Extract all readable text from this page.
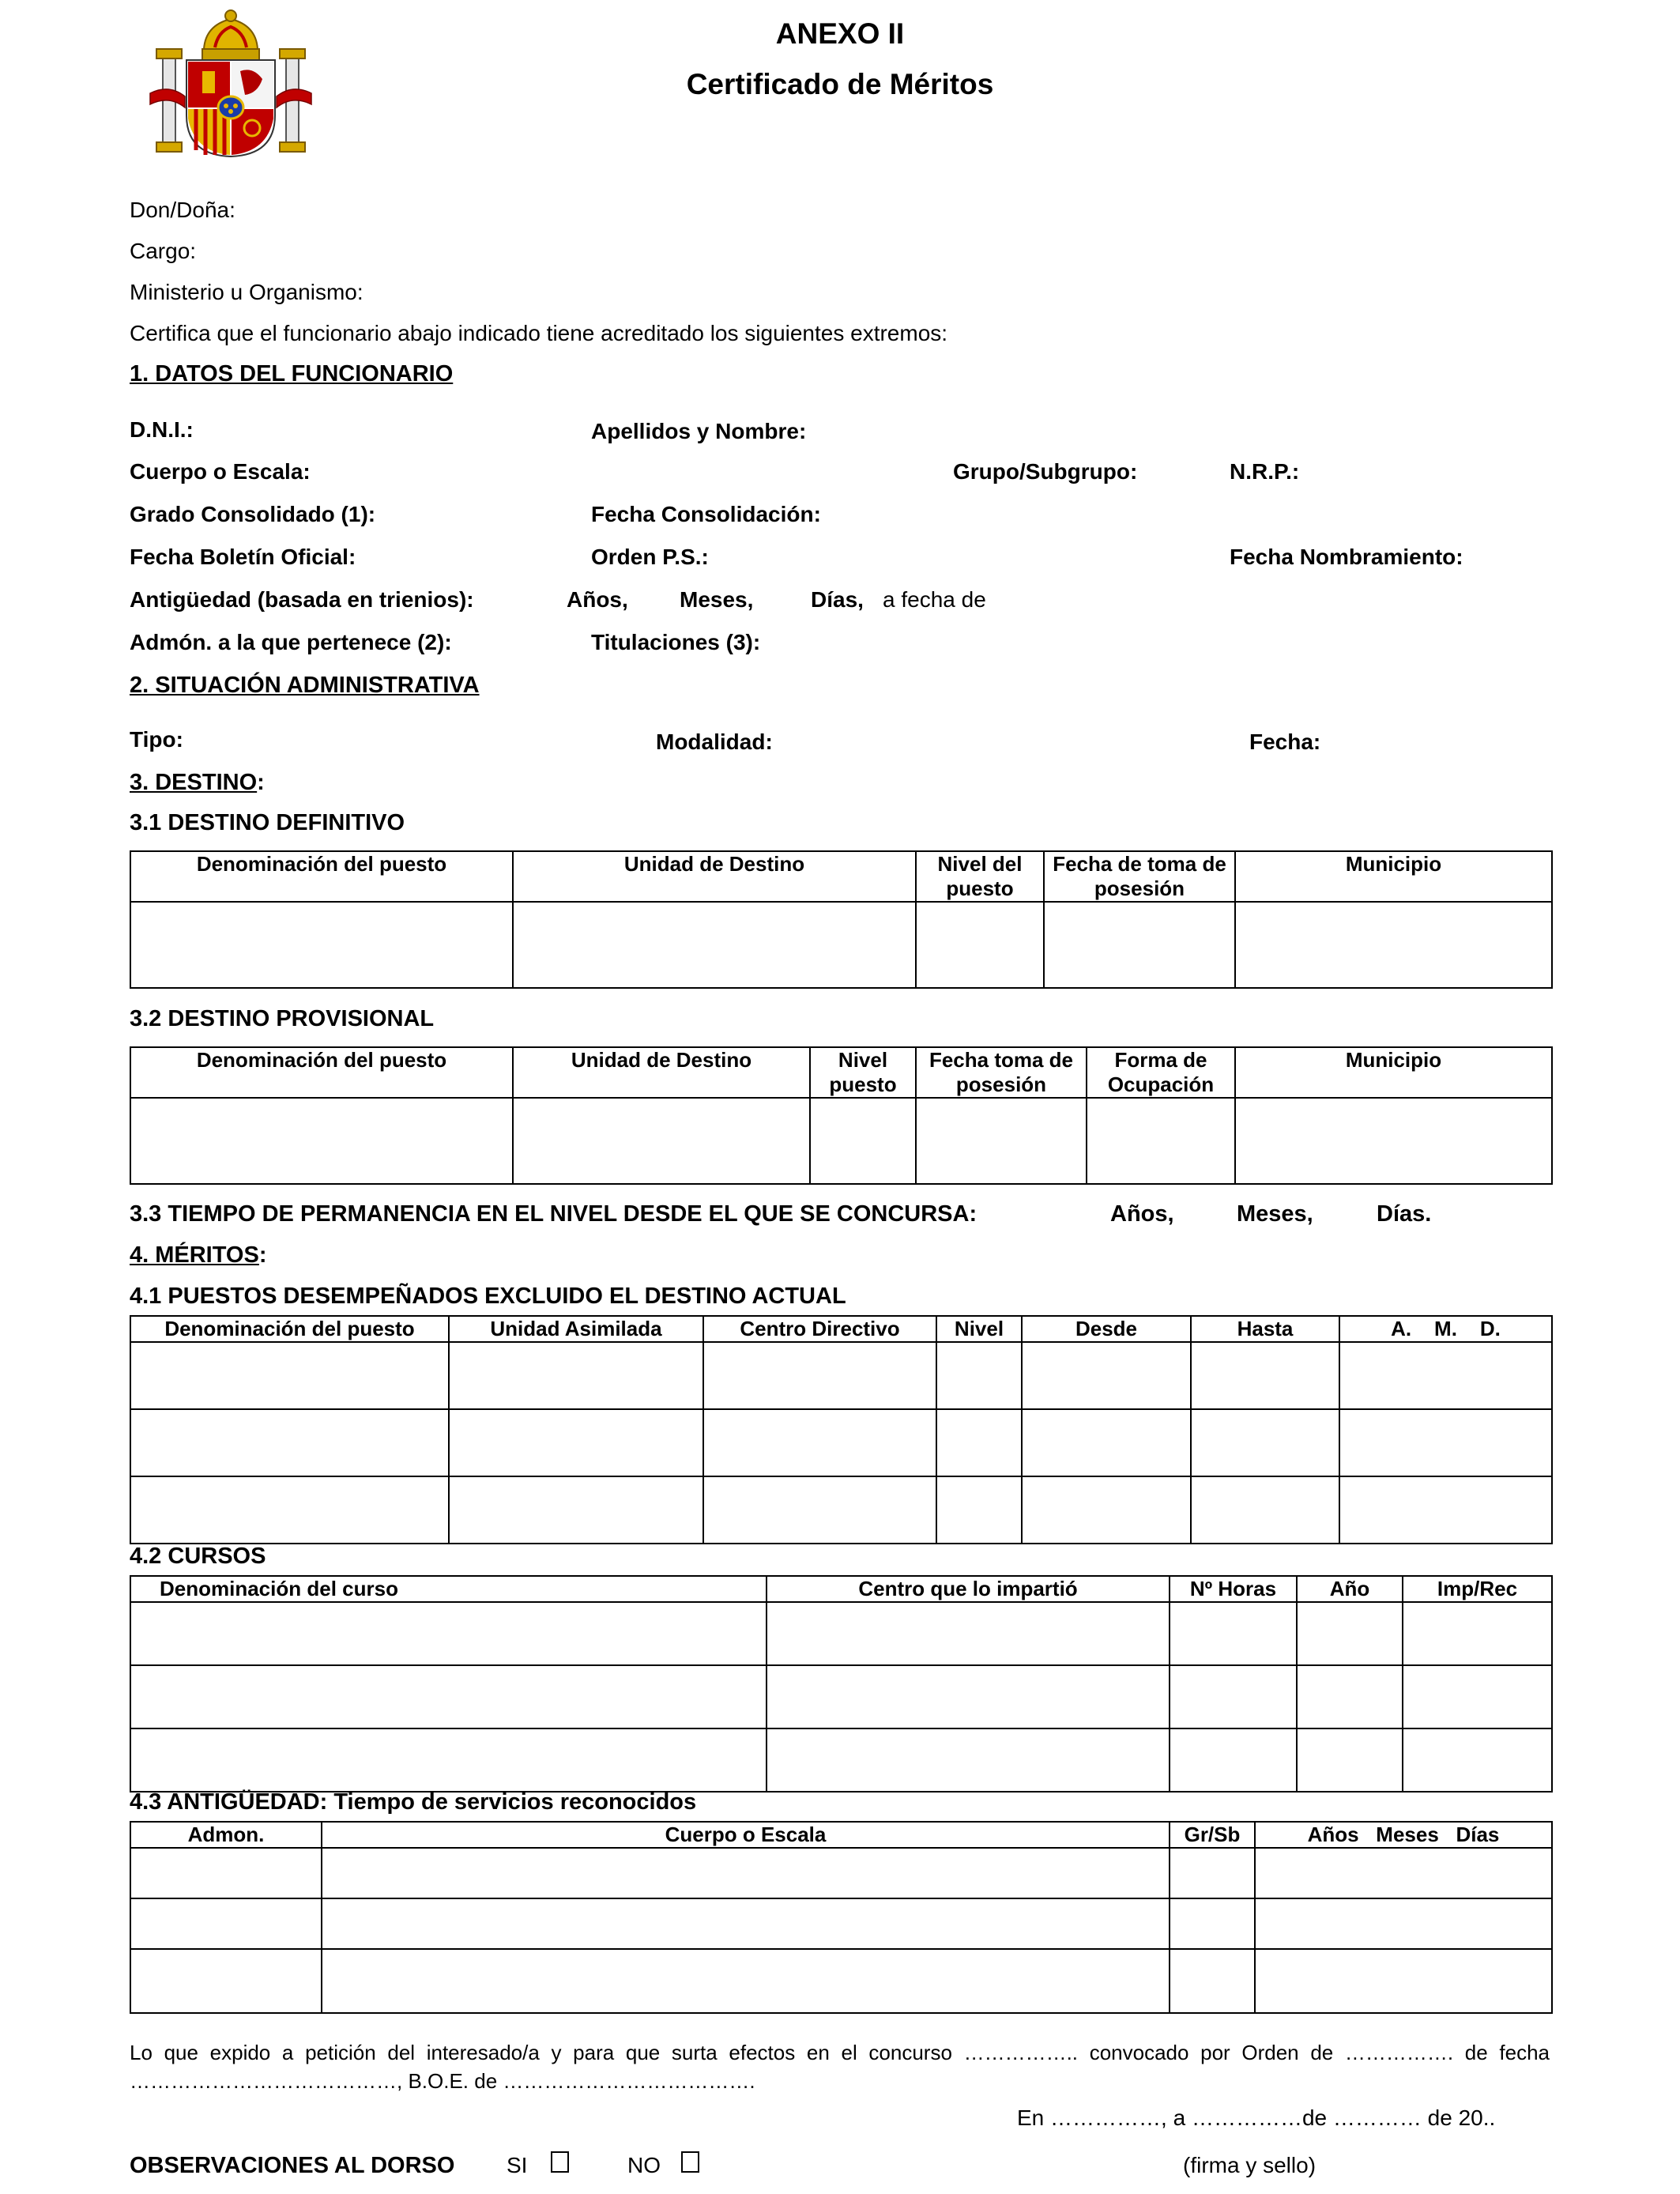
ANEXO II
Certificado de Méritos
Don/Doña:
Cargo:
Ministerio u Organismo:
Certifica que el funcionario abajo indicado tiene acreditado los siguientes extremos:
1. DATOS DEL FUNCIONARIO
D.N.I.:	Apellidos y Nombre:
Cuerpo o Escala:	Grupo/Subgrupo:	N.R.P.:
Grado Consolidado (1):	Fecha Consolidación:
Fecha Boletín Oficial:	Orden P.S.:	Fecha Nombramiento:
Antigüedad (basada en trienios):	Años, Meses,	Días, a fecha de
Admón. a la que pertenece (2):	Titulaciones (3):
2. SITUACIÓN ADMINISTRATIVA
Tipo:	Modalidad:	Fecha:
3. DESTINO:
3.1 DESTINO DEFINITIVO
Denominación del puesto	Unidad de Destino	Nivel del puesto	Fecha de toma de posesión	Municipio

3.2 DESTINO PROVISIONAL
Denominación del puesto	Unidad de Destino	Nivel puesto	Fecha toma de posesión	Forma de Ocupación	Municipio

3.3 TIEMPO DE PERMANENCIA EN EL NIVEL DESDE EL QUE SE CONCURSA:	Años,	Meses,	Días.
4. MÉRITOS:
4.1 PUESTOS DESEMPEÑADOS EXCLUIDO EL DESTINO ACTUAL
Denominación del puesto	Unidad Asimilada	Centro Directivo	Nivel	Desde	Hasta	A.    M.    D.

4.2 CURSOS
Denominación del curso	Centro que lo impartió	Nº Horas	Año	Imp/Rec

4.3 ANTIGÜEDAD: Tiempo de servicios reconocidos
Admon.	Cuerpo o Escala	Gr/Sb	Años   Meses   Días

Lo que expido a petición del interesado/a y para que surta efectos en el concurso …………….. convocado por Orden de ……………. de fecha …………………………………, B.O.E. de ……………………………….
En ……………, a ……………de ………… de 20..
OBSERVACIONES AL DORSO SI	NO	(firma y sello)
